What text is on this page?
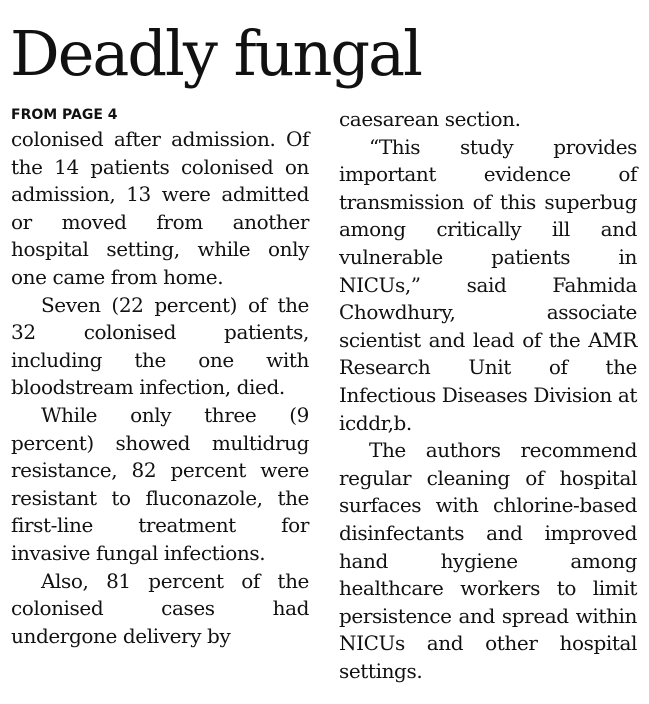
Deadly fungal
FROM PAGE 4

colonised after admission. Of the 14 patients colonised on admission, 13 were admitted or moved from another hospital setting, while only one came from home.

Seven (22 percent) of the 32 colonised patients, including the one with bloodstream infection, died.

While only three (9 percent) showed multidrug resistance, 82 percent were resistant to fluconazole, the first-line treatment for invasive fungal infections.

Also, 81 percent of the colonised cases had undergone delivery by

caesarean section.

“This study provides important evidence of transmission of this superbug among critically ill and vulnerable patients in NICUs,” said Fahmida Chowdhury, associate scientist and lead of the AMR Research Unit of the Infectious Diseases Division at icddr,b.

The authors recommend regular cleaning of hospital surfaces with chlorine-based disinfectants and improved hand hygiene among healthcare workers to limit persistence and spread within NICUs and other hospital settings.
